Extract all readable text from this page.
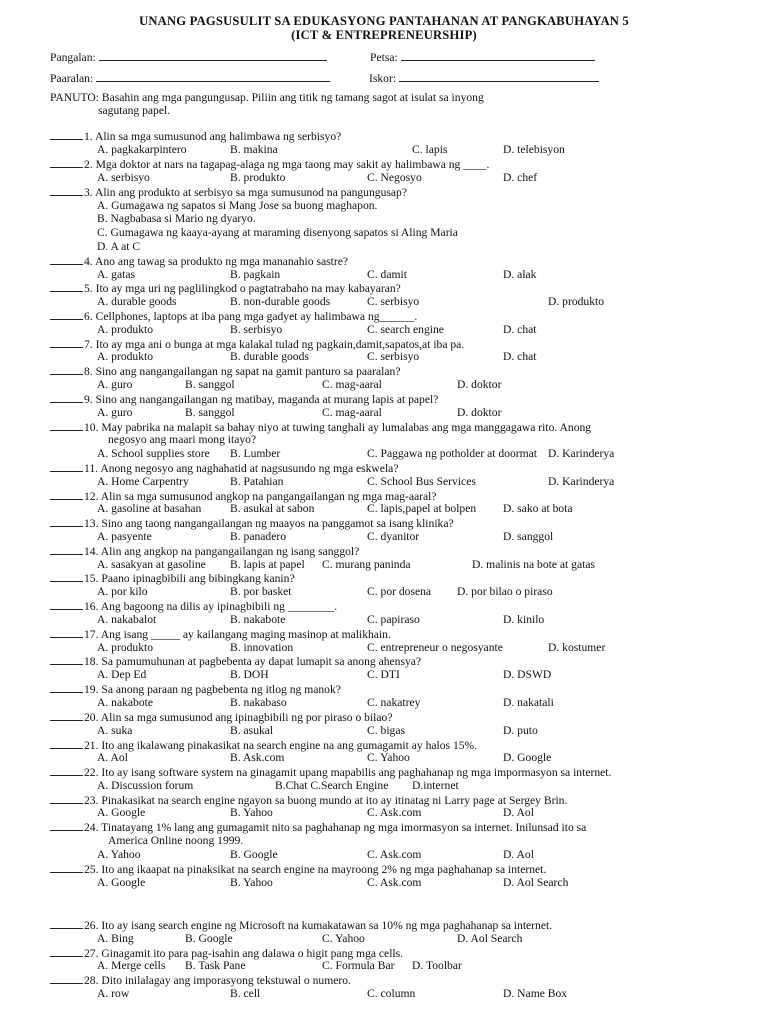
UNANG PAGSUSULIT SA EDUKASYONG PANTAHANAN AT PANGKABUHAYAN 5
(ICT & ENTREPRENEURSHIP)
Pangalan:	Petsa:
Paaralan:	Iskor:
PANUTO: Basahin ang mga pangungusap. Piliin ang titik ng tamang sagot at isulat sa inyong
sagutang papel.
1. Alin sa mga sumusunod ang halimbawa ng serbisyo?
A. pagkakarpintero	B. makina	C. lapis	D. telebisyon
2. Mga doktor at nars na tagapag-alaga ng mga taong may sakit ay halimbawa ng ____.
A. serbisyo	B. produkto	C. Negosyo	D. chef
3. Alin ang produkto at serbisyo sa mga sumusunod na pangungusap?
A. Gumagawa ng sapatos si Mang Jose sa buong maghapon.
B. Nagbabasa si Mario ng dyaryo.
C. Gumagawa ng kaaya-ayang at maraming disenyong sapatos si Aling Maria
D. A at C
4. Ano ang tawag sa produkto ng mga mananahio sastre?
A. gatas	B. pagkain	C. damit	D. alak
5. Ito ay mga uri ng paglilingkod o pagtatrabaho na may kabayaran?
A. durable goods	B. non-durable goods	C. serbisyo	D. produkto
6. Cellphones, laptops at iba pang mga gadyet ay halimbawa ng______.
A. produkto	B. serbisyo	C. search engine	D. chat
7. Ito ay mga ani o bunga at mga kalakal tulad ng pagkain,damit,sapatos,at iba pa.
A. produkto	B. durable goods	C. serbisyo	D. chat
8. Sino ang nangangailangan ng sapat na gamit panturo sa paaralan?
A. guro	B. sanggol	C. mag-aaral	D. doktor
9. Sino ang nangangailangan ng matibay, maganda at murang lapis at papel?
A. guro	B. sanggol	C. mag-aaral	D. doktor
10. May pabrika na malapit sa bahay niyo at tuwing tanghali ay lumalabas ang mga manggagawa rito. Anong
negosyo ang maari mong itayo?
A. School supplies store B. Lumber	C. Paggawa ng potholder at doormat D. Karinderya
11. Anong negosyo ang naghahatid at nagsusundo ng mga eskwela?
A. Home Carpentry	B. Patahian	C. School Bus Services	D. Karinderya
12. Alin sa mga sumusunod angkop na pangangailangan ng mga mag-aaral?
A. gasoline at basahan B. asukal at sabon	C. lapis,papel at bolpen D. sako at bota
13. Sino ang taong nangangailangan ng maayos na panggamot sa isang klinika?
A. pasyente	B. panadero	C. dyanitor	D. sanggol
14. Alin ang angkop na pangangailangan ng isang sanggol?
A. sasakyan at gasoline B. lapis at papel C. murang paninda	D. malinis na bote at gatas
15. Paano ipinagbibili ang bibingkang kanin?
A. por kilo	B. por basket	C. por dosena D. por bilao o piraso
16. Ang bagoong na dilis ay ipinagbibili ng ________.
A. nakabalot	B. nakabote	C. papiraso	D. kinilo
17. Ang isang _____ ay kailangang maging masinop at malikhain.
A. produkto	B. innovation	C. entrepreneur o negosyante	D. kostumer
18. Sa pamumuhunan at pagbebenta ay dapat lumapit sa anong ahensya?
A. Dep Ed	B. DOH	C. DTI	D. DSWD
19. Sa anong paraan ng pagbebenta ng itlog ng manok?
A. nakabote	B. nakabaso	C. nakatrey	D. nakatali
20. Alin sa mga sumusunod ang ipinagbibili ng por piraso o bilao?
A. suka	B. asukal	C. bigas	D. puto
21. Ito ang ikalawang pinakasikat na search engine na ang gumagamit ay halos 15%.
A. Aol	B. Ask.com	C. Yahoo	D. Google
22. Ito ay isang software system na ginagamit upang mapabilis ang paghahanap ng mga impormasyon sa internet.
A. Discussion forum	B.Chat C.Search Engine D.internet
23. Pinakasikat na search engine ngayon sa buong mundo at ito ay itinatag ni Larry page at Sergey Brin.
A. Google	B. Yahoo	C. Ask.com	D. Aol
24. Tinatayang 1% lang ang gumagamit nito sa paghahanap ng mga imormasyon sa internet. Inilunsad ito sa
America Online noong 1999.
A. Yahoo	B. Google	C. Ask.com	D. Aol
25. Ito ang ikaapat na pinaksikat na search engine na mayroong 2% ng mga paghahanap sa internet.
A. Google	B. Yahoo	C. Ask.com	D. Aol Search
26. Ito ay isang search engine ng Microsoft na kumakatawan sa 10% ng mga paghahanap sa internet.
A. Bing	B. Google	C. Yahoo	D. Aol Search
27. Ginagamit ito para pag-isahin ang dalawa o higit pang mga cells.
A. Merge cells B. Task Pane	C. Formula Bar D. Toolbar
28. Dito inilalagay ang imporasyong tekstuwal o numero.
A. row	B. cell	C. column	D. Name Box
